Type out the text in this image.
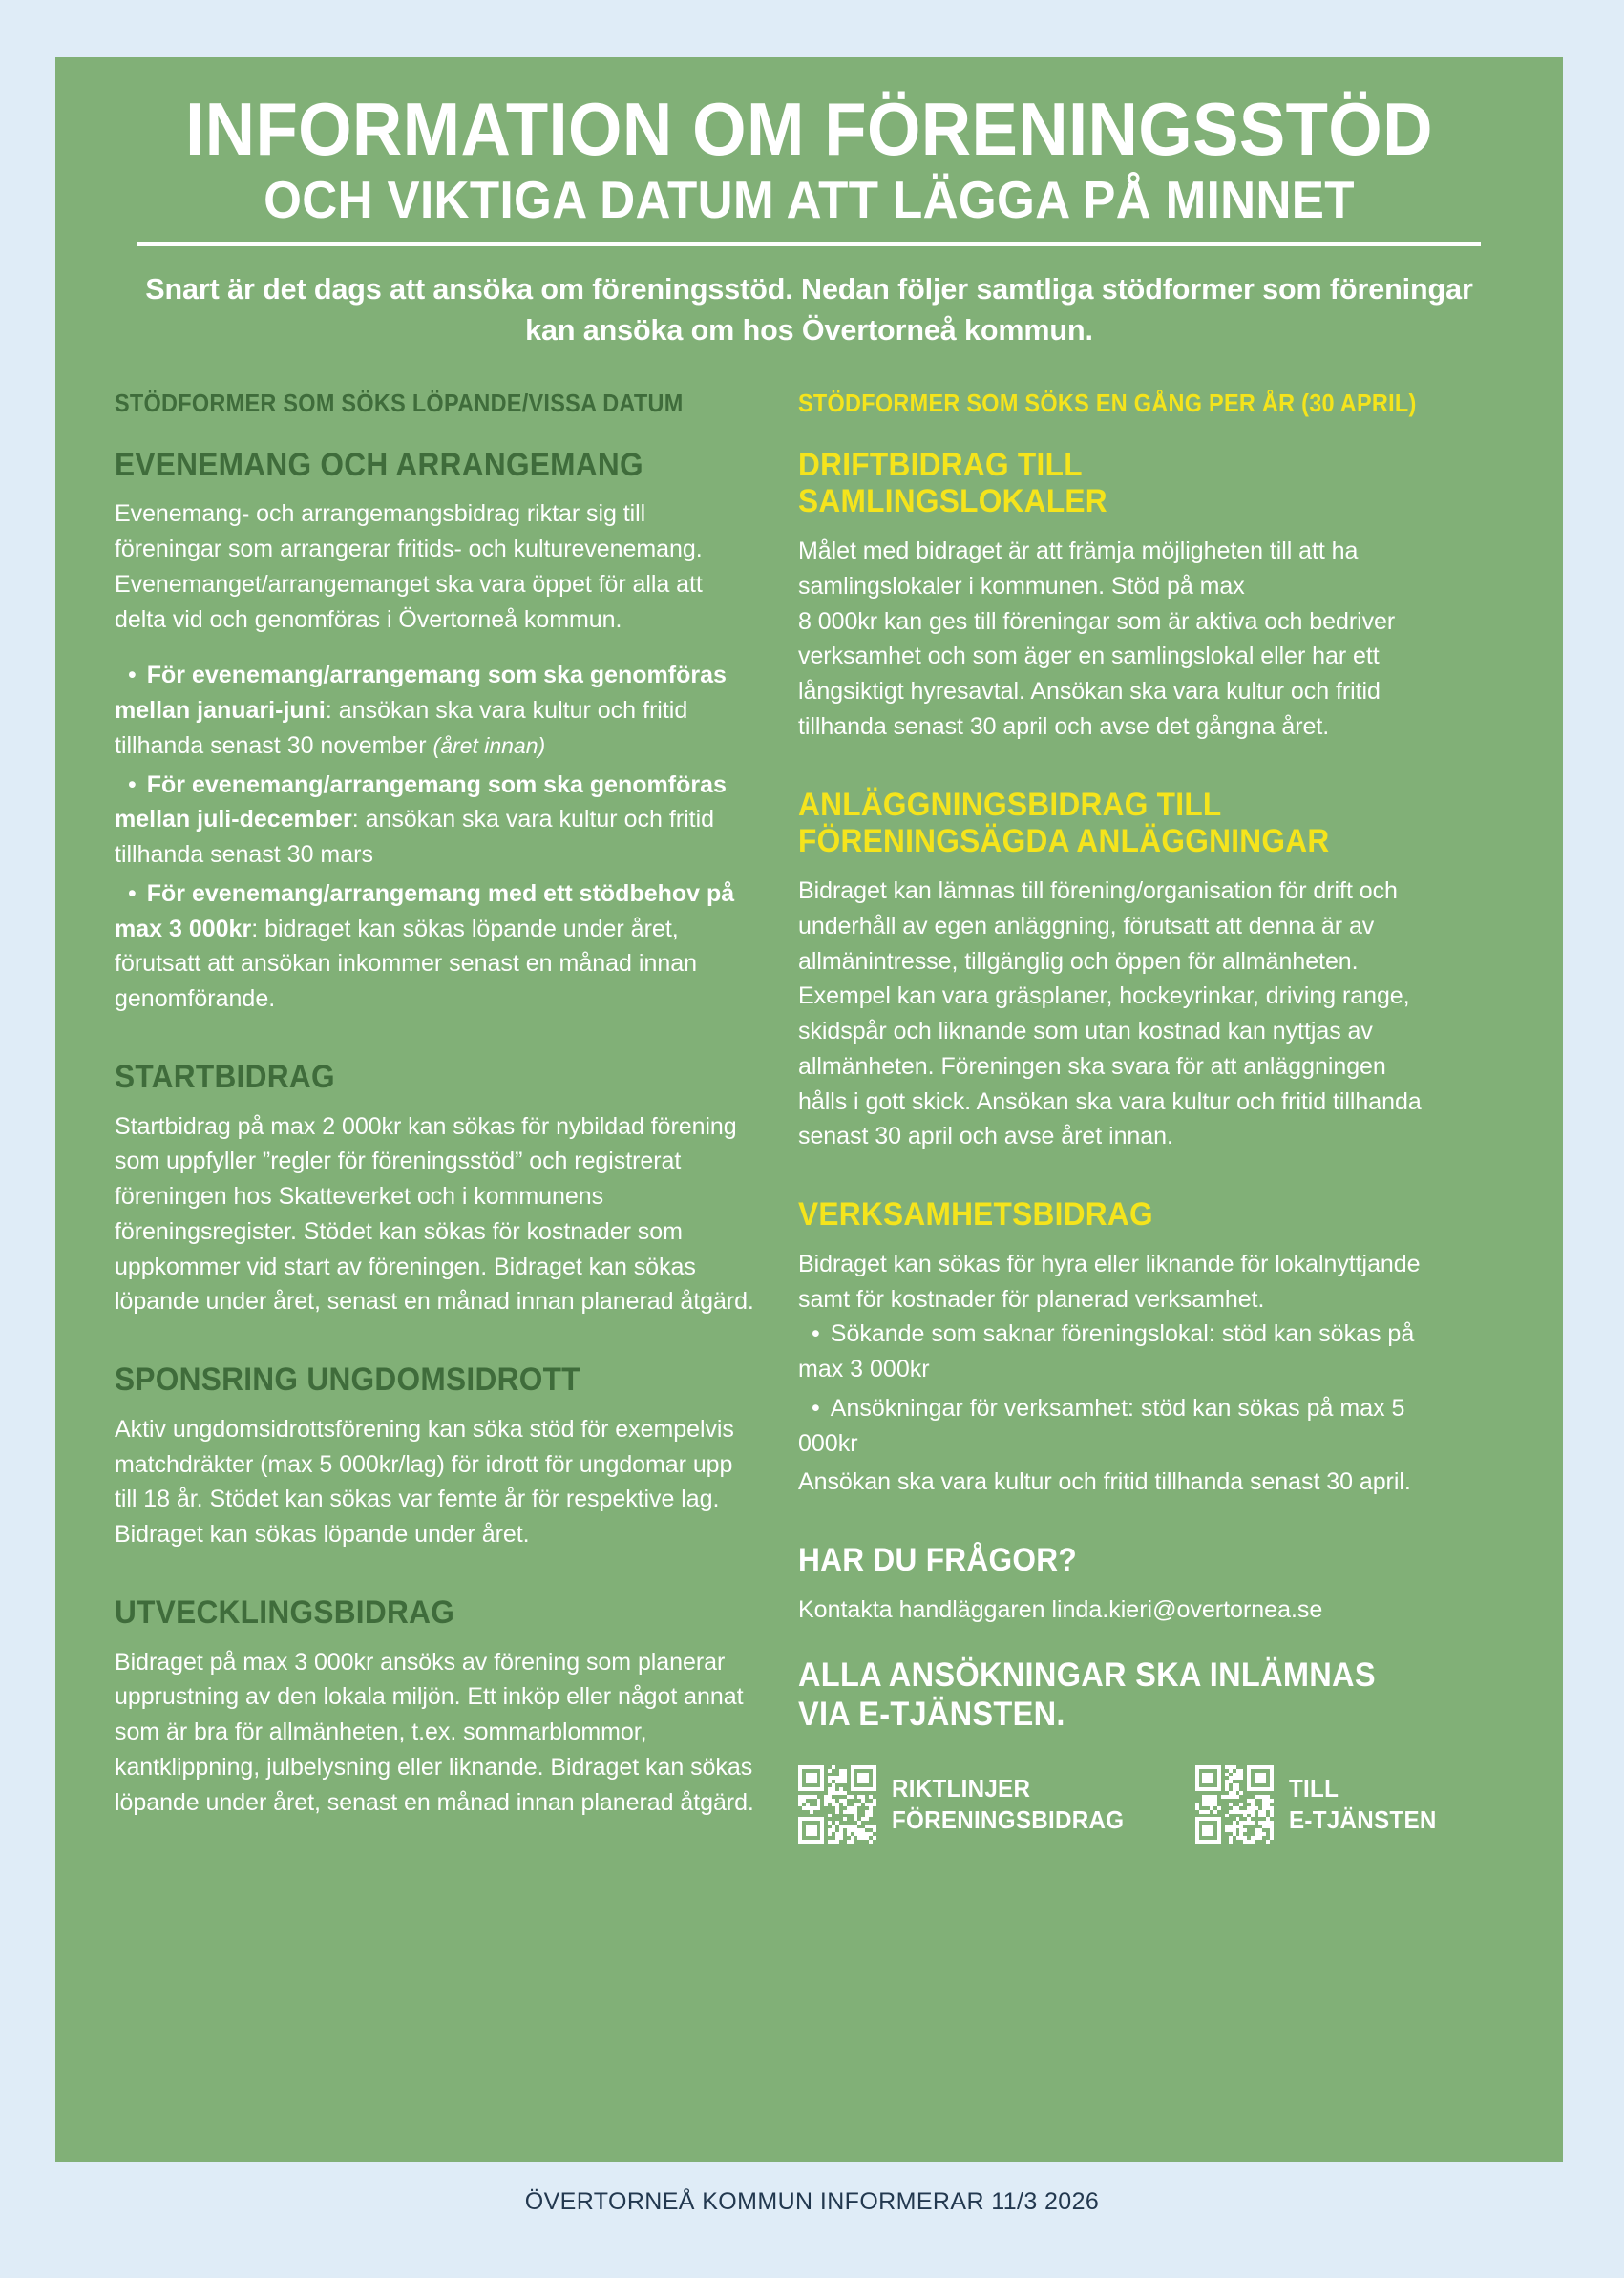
INFORMATION OM FÖRENINGSSTÖD
OCH VIKTIGA DATUM ATT LÄGGA PÅ MINNET

Snart är det dags att ansöka om föreningsstöd. Nedan följer samtliga stödformer som föreningar kan ansöka om hos Övertorneå kommun.

STÖDFORMER SOM SÖKS LÖPANDE/VISSA DATUM
EVENEMANG OCH ARRANGEMANG

Evenemang- och arrangemangsbidrag riktar sig till föreningar som arrangerar fritids- och kulturevenemang. Evenemanget/arrangemanget ska vara öppet för alla att delta vid och genomföras i Övertorneå kommun.

• För evenemang/arrangemang som ska genomföras mellan januari-juni: ansökan ska vara kultur och fritid tillhanda senast 30 november (året innan)
• För evenemang/arrangemang som ska genomföras mellan juli-december: ansökan ska vara kultur och fritid tillhanda senast 30 mars
• För evenemang/arrangemang med ett stödbehov på max 3 000kr: bidraget kan sökas löpande under året, förutsatt att ansökan inkommer senast en månad innan genomförande.
STARTBIDRAG

Startbidrag på max 2 000kr kan sökas för nybildad förening som uppfyller ”regler för föreningsstöd” och registrerat föreningen hos Skatteverket och i kommunens föreningsregister. Stödet kan sökas för kostnader som uppkommer vid start av föreningen. Bidraget kan sökas löpande under året, senast en månad innan planerad åtgärd.

SPONSRING UNGDOMSIDROTT

Aktiv ungdomsidrottsförening kan söka stöd för exempelvis matchdräkter (max 5 000kr/lag) för idrott för ungdomar upp till 18 år. Stödet kan sökas var femte år för respektive lag. Bidraget kan sökas löpande under året.

UTVECKLINGSBIDRAG

Bidraget på max 3 000kr ansöks av förening som planerar upprustning av den lokala miljön. Ett inköp eller något annat som är bra för allmänheten, t.ex. sommarblommor, kantklippning, julbelysning eller liknande. Bidraget kan sökas löpande under året, senast en månad innan planerad åtgärd.

STÖDFORMER SOM SÖKS EN GÅNG PER ÅR (30 APRIL)
DRIFTBIDRAG TILL SAMLINGSLOKALER

Målet med bidraget är att främja möjligheten till att ha samlingslokaler i kommunen. Stöd på max

8 000kr kan ges till föreningar som är aktiva och bedriver verksamhet och som äger en samlingslokal eller har ett långsiktigt hyresavtal. Ansökan ska vara kultur och fritid tillhanda senast 30 april och avse det gångna året.

ANLÄGGNINGSBIDRAG TILL
FÖRENINGSÄGDA ANLÄGGNINGAR

Bidraget kan lämnas till förening/organisation för drift och underhåll av egen anläggning, förutsatt att denna är av allmänintresse, tillgänglig och öppen för allmänheten. Exempel kan vara gräsplaner, hockeyrinkar, driving range, skidspår och liknande som utan kostnad kan nyttjas av allmänheten. Föreningen ska svara för att anläggningen hålls i gott skick. Ansökan ska vara kultur och fritid tillhanda senast 30 april och avse året innan.

VERKSAMHETSBIDRAG

Bidraget kan sökas för hyra eller liknande för lokalnyttjande samt för kostnader för planerad verksamhet.

• Sökande som saknar föreningslokal: stöd kan sökas på max 3 000kr
• Ansökningar för verksamhet: stöd kan sökas på max 5 000kr

Ansökan ska vara kultur och fritid tillhanda senast 30 april.

HAR DU FRÅGOR?

Kontakta handläggaren linda.kieri@overtornea.se

ALLA ANSÖKNINGAR SKA INLÄMNAS
VIA E-TJÄNSTEN.
RIKTLINJER
FÖRENINGSBIDRAG
TILL
E-TJÄNSTEN
ÖVERTORNEÅ KOMMUN INFORMERAR 11/3 2026
